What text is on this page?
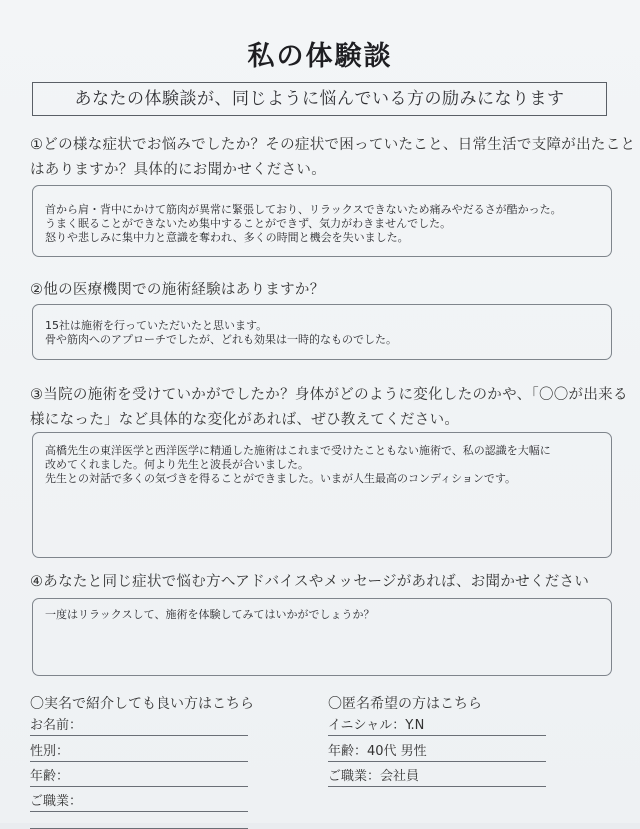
私の体験談
あなたの体験談が、同じように悩んでいる方の励みになります
①どの様な症状でお悩みでしたか？その症状で困っていたこと、日常生活で支障が出たこと
はありますか？具体的にお聞かせください。

首から肩・背中にかけて筋肉が異常に緊張しており、リラックスできないため痛みやだるさが酷かった。

うまく眠ることができないため集中することができず、気力がわきませんでした。

怒りや悲しみに集中力と意識を奪われ、多くの時間と機会を失いました。

②他の医療機関での施術経験はありますか？

15社は施術を行っていただいたと思います。

骨や筋肉へのアプローチでしたが、どれも効果は一時的なものでした。

③当院の施術を受けていかがでしたか？身体がどのように変化したのかや、「〇〇が出来る
様になった」など具体的な変化があれば、ぜひ教えてください。

高橋先生の東洋医学と西洋医学に精通した施術はこれまで受けたこともない施術で、私の認識を大幅に

改めてくれました。何より先生と波長が合いました。

先生との対話で多くの気づきを得ることができました。いまが人生最高のコンディションです。

④あなたと同じ症状で悩む方へアドバイスやメッセージがあれば、お聞かせください

一度はリラックスして、施術を体験してみてはいかがでしょうか？

〇実名で紹介しても良い方はこちら
お名前：
性別：
年齢：
ご職業：
〇匿名希望の方はこちら
イニシャル：Y.N
年齢：40代 男性
ご職業：会社員
